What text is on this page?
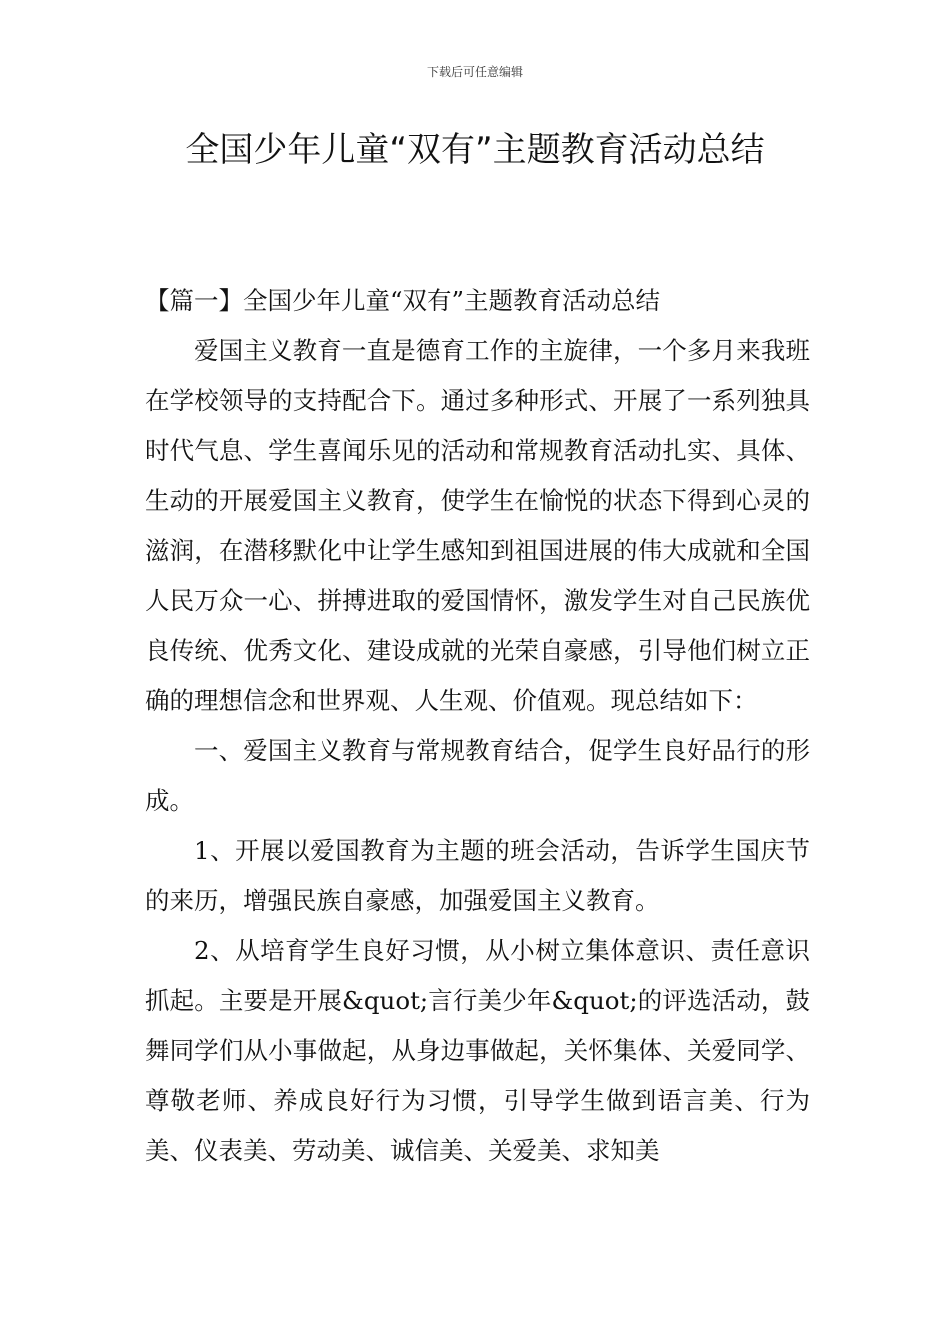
下载后可任意编辑
全国少年儿童“双有”主题教育活动总结

【篇一】全国少年儿童“双有”主题教育活动总结

爱国主义教育一直是德育工作的主旋律，一个多月来我班在学校领导的支持配合下。通过多种形式、开展了一系列独具时代气息、学生喜闻乐见的活动和常规教育活动扎实、具体、生动的开展爱国主义教育，使学生在愉悦的状态下得到心灵的滋润，在潜移默化中让学生感知到祖国进展的伟大成就和全国人民万众一心、拼搏进取的爱国情怀，激发学生对自己民族优良传统、优秀文化、建设成就的光荣自豪感，引导他们树立正确的理想信念和世界观、人生观、价值观。现总结如下：

一、爱国主义教育与常规教育结合，促学生良好品行的形成。

1、开展以爱国教育为主题的班会活动，告诉学生国庆节的来历，增强民族自豪感，加强爱国主义教育。

2、从培育学生良好习惯，从小树立集体意识、责任意识抓起。主要是开展&quot;言行美少年&quot;的评选活动，鼓舞同学们从小事做起，从身边事做起，关怀集体、关爱同学、尊敬老师、养成良好行为习惯，引导学生做到语言美、行为美、仪表美、劳动美、诚信美、关爱美、求知美
